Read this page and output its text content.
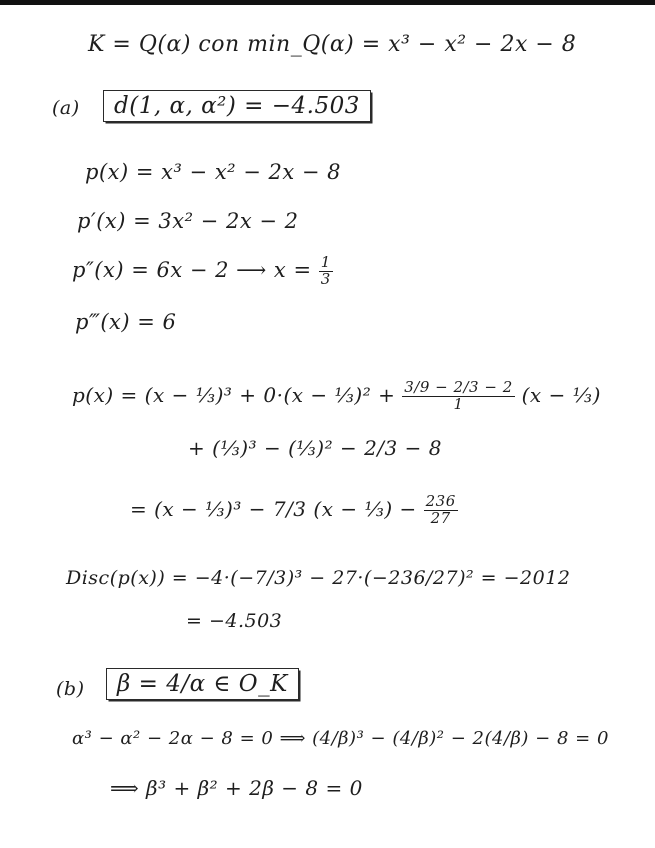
K = Q(α) con min_Q(α) = x³ − x² − 2x − 8
(a)	d(1, α, α²) = −4.503
p(x) = x³ − x² − 2x − 8
p′(x) = 3x² − 2x − 2
p″(x) = 6x − 2 ⟶ $x = \frac{1}{3}$
p‴(x) = 6
p(x) = (x − ⅓)³ + 0·(x − ⅓)² + $\frac{3/9 - 2/3 - 2}{1} (x$ − ⅓)
+ (⅓)³ − (⅓)² − 2/3 − 8
= (x − ⅓)³ − 7/3 (x − ⅓) − $\frac{236}{27}$
Disc(p(x)) = −4·(−7/3)³ − 27·(−236/27)² = −2012
= −4.503
(b)	β = 4/α ∈ O_K
α³ − α² − 2α − 8 = 0 ⟹ (4/β)³ − (4/β)² − 2(4/β) − 8 = 0
⟹ β³ + β² + 2β − 8 = 0
